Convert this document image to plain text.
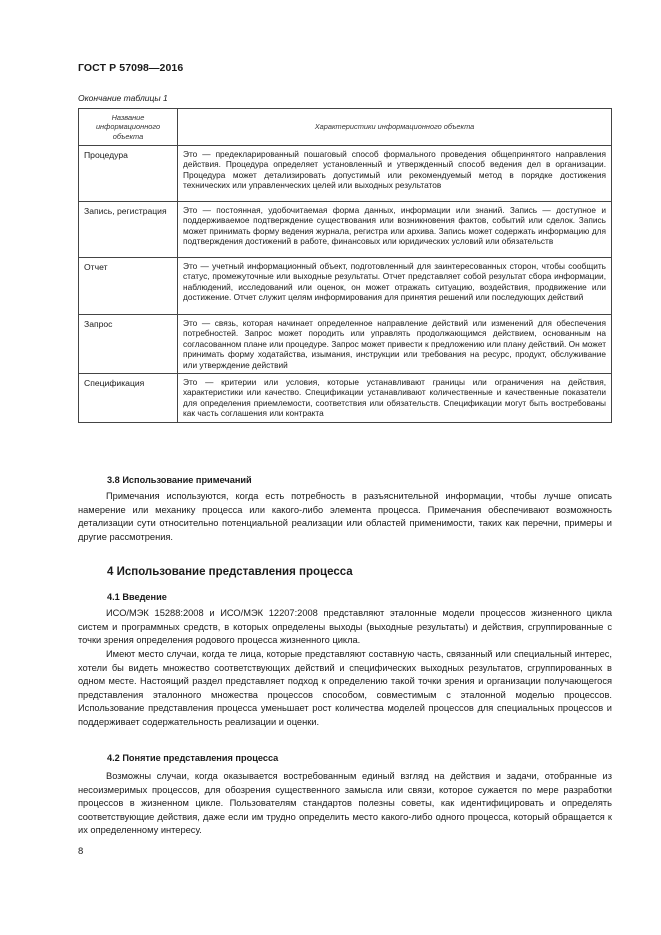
ГОСТ Р 57098—2016
Окончание таблицы 1
Название информационного объекта	Характеристики информационного объекта
Процедура	Это — предекларированный пошаговый способ формального проведения общепринятого направления действия. Процедура определяет установленный и утвержденный способ ведения дел в организации. Процедура может детализировать допустимый или рекомендуемый метод в порядке достижения технических или управленческих целей или выходных результатов
Запись, регистрация	Это — постоянная, удобочитаемая форма данных, информации или знаний. Запись — доступное и поддерживаемое подтверждение существования или возникновения фактов, событий или сделок. Запись может принимать форму ведения журнала, регистра или архива. Запись может содержать информацию для подтверждения достижений в работе, финансовых или юридических условий или обязательств
Отчет	Это — учетный информационный объект, подготовленный для заинтересованных сторон, чтобы сообщить статус, промежуточные или выходные результаты. Отчет представляет собой результат сбора информации, наблюдений, исследований или оценок, он может отражать ситуацию, воздействия, продвижение или достижение. Отчет служит целям информирования для принятия решений или последующих действий
Запрос	Это — связь, которая начинает определенное направление действий или изменений для обеспечения потребностей. Запрос может породить или управлять продолжающимся действием, основанным на согласованном плане или процедуре. Запрос может привести к предложению или плану действий. Он может принимать форму ходатайства, изымания, инструкции или требования на ресурс, продукт, обслуживание или утверждение действий
Спецификация	Это — критерии или условия, которые устанавливают границы или ограничения на действия, характеристики или качество. Спецификации устанавливают количественные и качественные показатели для определения приемлемости, соответствия или обязательств. Спецификации могут быть востребованы как часть соглашения или контракта
3.8 Использование примечаний

Примечания используются, когда есть потребность в разъяснительной информации, чтобы лучше описать намерение или механику процесса или какого-либо элемента процесса. Примечания обеспечивают возможность детализации сути относительно потенциальной реализации или областей применимости, таких как перечни, примеры и другие рассмотрения.

4 Использование представления процесса
4.1 Введение

ИСО/МЭК 15288:2008 и ИСО/МЭК 12207:2008 представляют эталонные модели процессов жизненного цикла систем и программных средств, в которых определены выходы (выходные результаты) и действия, сгруппированные с точки зрения определения родового процесса жизненного цикла.

Имеют место случаи, когда те лица, которые представляют составную часть, связанный или специальный интерес, хотели бы видеть множество соответствующих действий и специфических выходных результатов, сгруппированных в одном месте. Настоящий раздел представляет подход к определению такой точки зрения и организации получающегося представления эталонного множества процессов способом, совместимым с эталонной моделью процессов. Использование представления процесса уменьшает рост количества моделей процессов для специальных процессов и поддерживает содержательность реализации и оценки.

4.2 Понятие представления процесса

Возможны случаи, когда оказывается востребованным единый взгляд на действия и задачи, отобранные из несоизмеримых процессов, для обозрения существенного замысла или связи, которое сужается по мере разработки процессов в жизненном цикле. Пользователям стандартов полезны советы, как идентифицировать и определять соответствующие действия, даже если им трудно определить место какого-либо одного процесса, который обращается к их определенному интересу.

8
